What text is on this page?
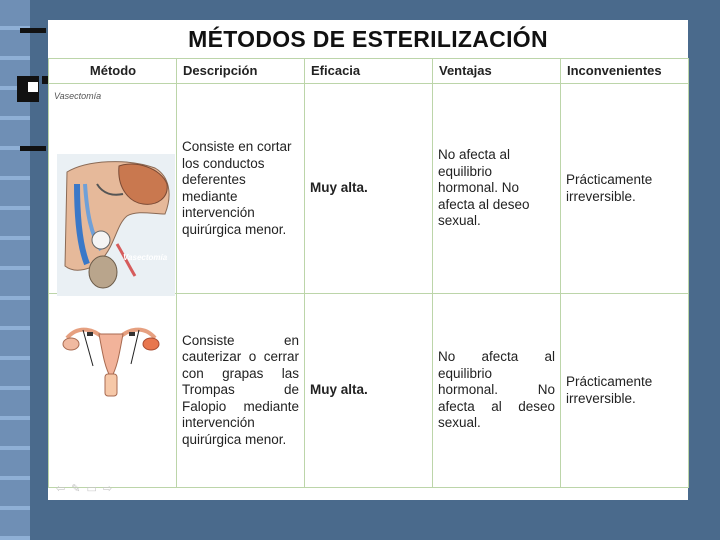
MÉTODOS DE ESTERILIZACIÓN
Método	Descripción	Eficacia	Ventajas	Inconvenientes

Vasectomía
Vasectomía	Consiste en cortar los conductos deferentes mediante intervención quirúrgica menor.	Muy alta.	No afecta al equilibrio hormonal. No afecta al deseo sexual.	Prácticamente irreversible.

	Consiste en cauterizar o cerrar con grapas las Trompas de Falopio mediante intervención quirúrgica menor.	Muy alta.	No afecta al equilibrio hormonal. No afecta al deseo sexual.	Prácticamente irreversible.
⇦✎▭⇨
